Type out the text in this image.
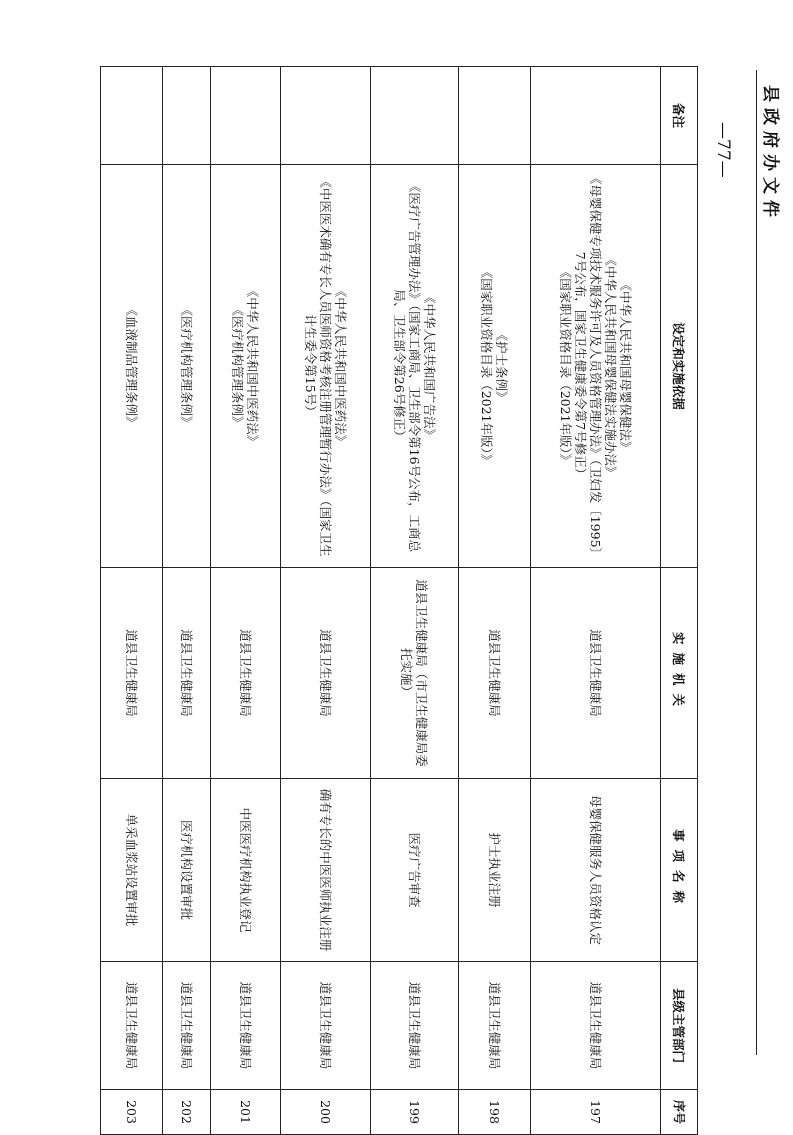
县政府办文件
—77—
备注	设定和实施依据	实施机关	事项名称	县级主管部门	序号

	《中华人民共和国母婴保健法》
《中华人民共和国母婴保健法实施办法》
《母婴保健专项技术服务许可及人员资格管理办法》（卫妇发〔1995〕7号公布，国家卫生健康委令第7号修正）
《国家职业资格目录（2021年版）》	道县卫生健康局	母婴保健服务人员资格认定	道县卫生健康局	197

	《护士条例》
《国家职业资格目录（2021年版）》	道县卫生健康局	护士执业注册	道县卫生健康局	198

	《中华人民共和国广告法》
《医疗广告管理办法》（国家工商局、卫生部令第16号公布，工商总局、卫生部令第26号修正）	道县卫生健康局（市卫生健康局委托实施）	医疗广告审查	道县卫生健康局	199

	《中华人民共和国中医药法》
《中医医术确有专长人员医师资格考核注册管理暂行办法》（国家卫生计生委令第15号）	道县卫生健康局	确有专长的中医医师执业注册	道县卫生健康局	200

	《中华人民共和国中医药法》
《医疗机构管理条例》	道县卫生健康局	中医医疗机构执业登记	道县卫生健康局	201

	《医疗机构管理条例》	道县卫生健康局	医疗机构设置审批	道县卫生健康局	202

	《血液制品管理条例》	道县卫生健康局	单采血浆站设置审批	道县卫生健康局	203
